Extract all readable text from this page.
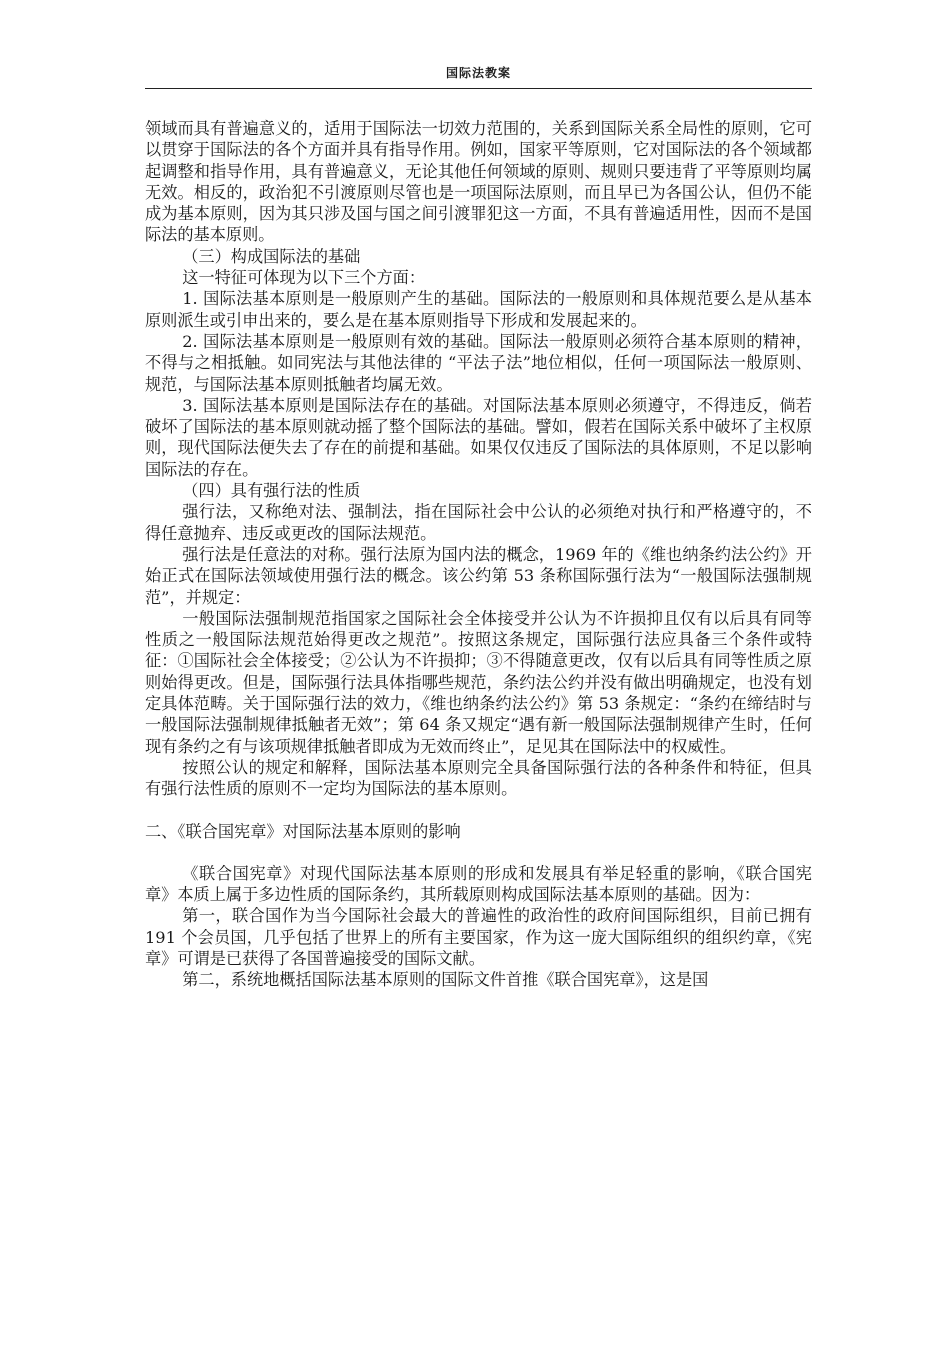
国际法教案

领域而具有普遍意义的，适用于国际法一切效力范围的，关系到国际关系全局性的原则，它可以贯穿于国际法的各个方面并具有指导作用。例如，国家平等原则，它对国际法的各个领域都起调整和指导作用，具有普遍意义，无论其他任何领域的原则、规则只要违背了平等原则均属无效。相反的，政治犯不引渡原则尽管也是一项国际法原则，而且早已为各国公认，但仍不能成为基本原则，因为其只涉及国与国之间引渡罪犯这一方面，不具有普遍适用性，因而不是国际法的基本原则。

（三）构成国际法的基础

这一特征可体现为以下三个方面：

1. 国际法基本原则是一般原则产生的基础。国际法的一般原则和具体规范要么是从基本原则派生或引申出来的，要么是在基本原则指导下形成和发展起来的。

2. 国际法基本原则是一般原则有效的基础。国际法一般原则必须符合基本原则的精神，不得与之相抵触。如同宪法与其他法律的 “平法子法”地位相似，任何一项国际法一般原则、规范，与国际法基本原则抵触者均属无效。

3. 国际法基本原则是国际法存在的基础。对国际法基本原则必须遵守，不得违反，倘若破坏了国际法的基本原则就动摇了整个国际法的基础。譬如，假若在国际关系中破坏了主权原则，现代国际法便失去了存在的前提和基础。如果仅仅违反了国际法的具体原则，不足以影响国际法的存在。

（四）具有强行法的性质

强行法，又称绝对法、强制法，指在国际社会中公认的必须绝对执行和严格遵守的，不得任意抛弃、违反或更改的国际法规范。

强行法是任意法的对称。强行法原为国内法的概念，1969 年的《维也纳条约法公约》开始正式在国际法领域使用强行法的概念。该公约第 53 条称国际强行法为“一般国际法强制规范”，并规定：

一般国际法强制规范指国家之国际社会全体接受并公认为不许损抑且仅有以后具有同等性质之一般国际法规范始得更改之规范”。按照这条规定，国际强行法应具备三个条件或特征：①国际社会全体接受；②公认为不许损抑；③不得随意更改，仅有以后具有同等性质之原则始得更改。但是，国际强行法具体指哪些规范，条约法公约并没有做出明确规定，也没有划定具体范畴。关于国际强行法的效力，《维也纳条约法公约》第 53 条规定：“条约在缔结时与一般国际法强制规律抵触者无效”；第 64 条又规定“遇有新一般国际法强制规律产生时，任何现有条约之有与该项规律抵触者即成为无效而终止”，足见其在国际法中的权威性。

按照公认的规定和解释，国际法基本原则完全具备国际强行法的各种条件和特征，但具有强行法性质的原则不一定均为国际法的基本原则。

二、《联合国宪章》对国际法基本原则的影响

《联合国宪章》对现代国际法基本原则的形成和发展具有举足轻重的影响，《联合国宪章》本质上属于多边性质的国际条约，其所载原则构成国际法基本原则的基础。因为：

第一，联合国作为当今国际社会最大的普遍性的政治性的政府间国际组织，目前已拥有 191 个会员国，几乎包括了世界上的所有主要国家，作为这一庞大国际组织的组织约章，《宪章》可谓是已获得了各国普遍接受的国际文献。

第二，系统地概括国际法基本原则的国际文件首推《联合国宪章》，这是国
